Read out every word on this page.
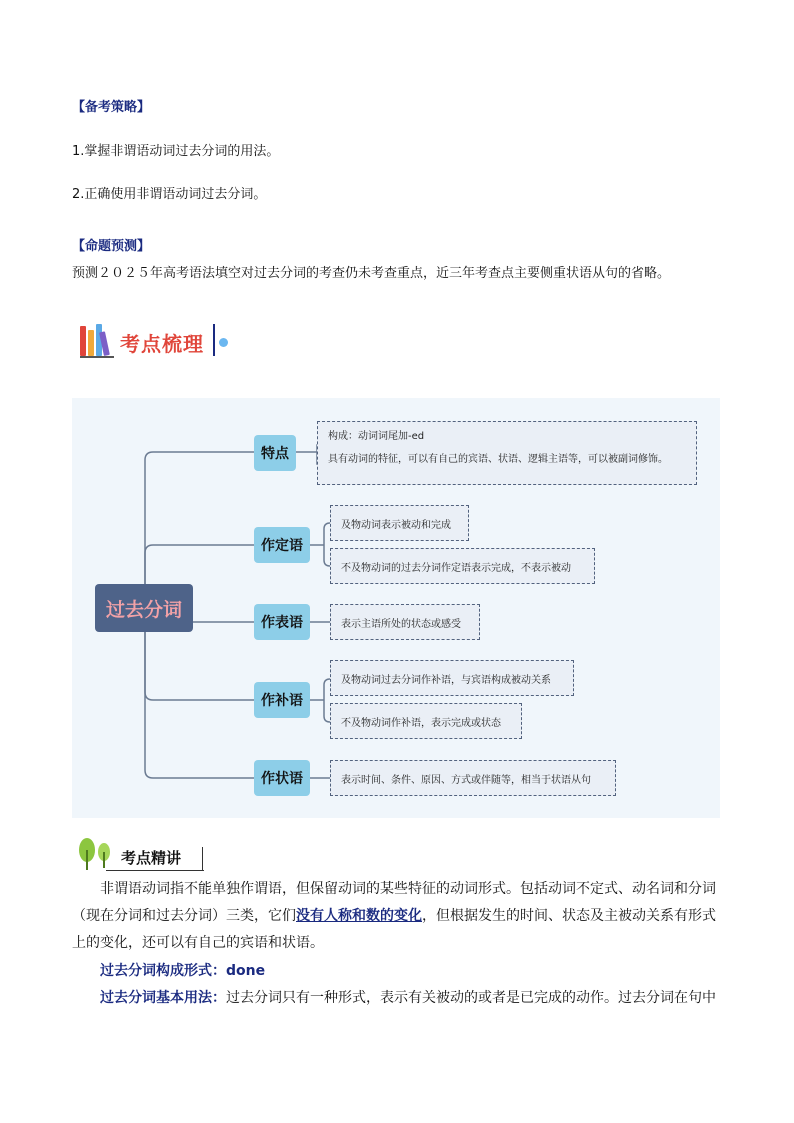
【备考策略】
1.掌握非谓语动词过去分词的用法。
2.正确使用非谓语动词过去分词。
【命题预测】
预测２０２５年高考语法填空对过去分词的考查仍未考查重点，近三年考查点主要侧重状语从句的省略。
考点梳理
过去分词
特点
构成：动词词尾加-ed
具有动词的特征，可以有自己的宾语、状语、逻辑主语等，可以被副词修饰。
作定语
及物动词表示被动和完成
不及物动词的过去分词作定语表示完成，不表示被动
作表语	表示主语所处的状态或感受
作补语
及物动词过去分词作补语，与宾语构成被动关系
不及物动词作补语，表示完成或状态
作状语	表示时间、条件、原因、方式或伴随等，相当于状语从句
考点精讲
非谓语动词指不能单独作谓语，但保留动词的某些特征的动词形式。包括动词不定式、动名词和分词（现在分词和过去分词）三类，它们没有人称和数的变化，但根据发生的时间、状态及主被动关系有形式上的变化，还可以有自己的宾语和状语。
过去分词构成形式：done
过去分词基本用法：过去分词只有一种形式，表示有关被动的或者是已完成的动作。过去分词在句中
